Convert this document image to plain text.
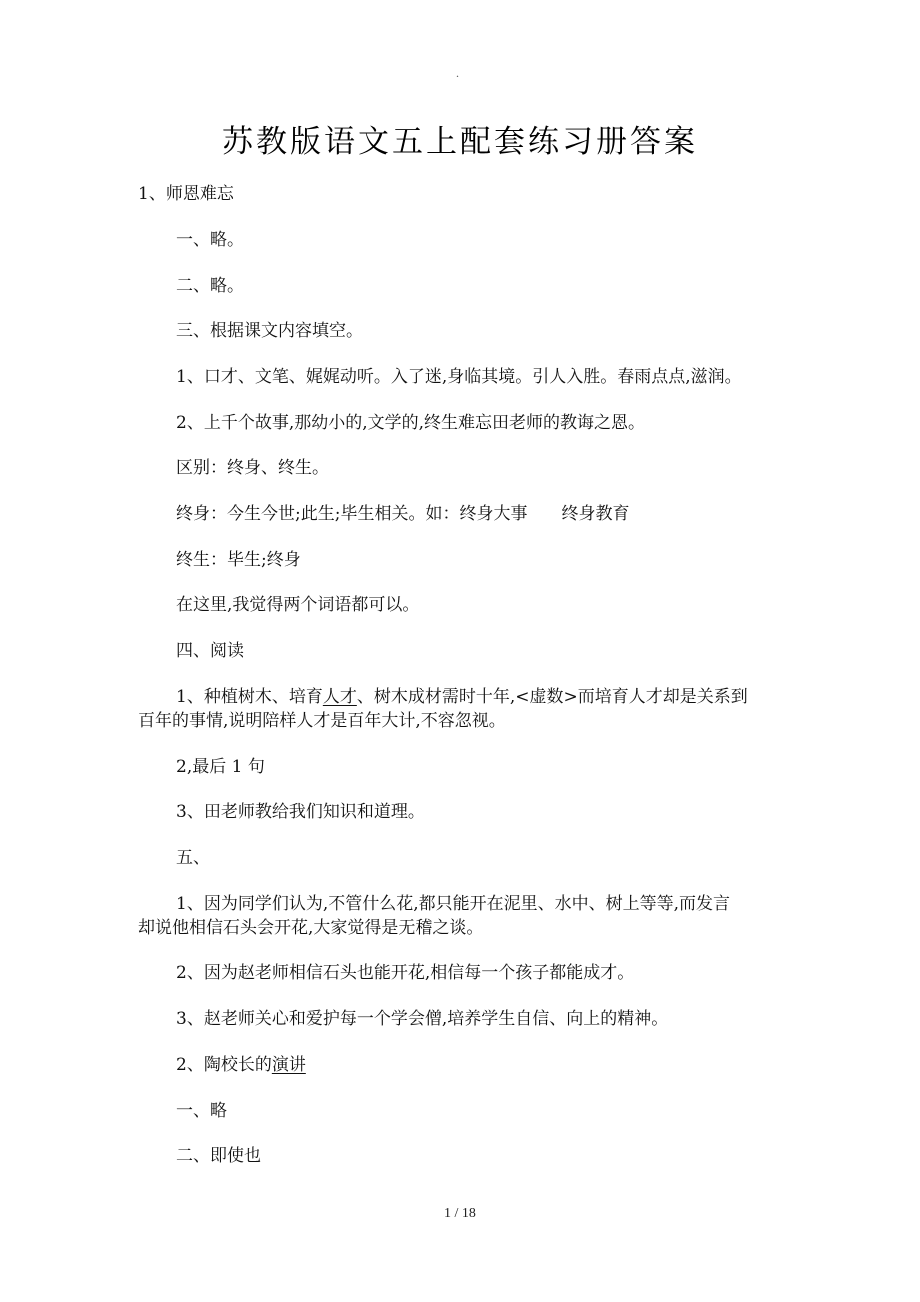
.
苏教版语文五上配套练习册答案
1、师恩难忘
一、略。
二、略。
三、根据课文内容填空。
1、口才、文笔、娓娓动听。入了迷,身临其境。引人入胜。春雨点点,滋润。
2、上千个故事,那幼小的,文学的,终生难忘田老师的教诲之恩。
区别：终身、终生。
终身：今生今世;此生;毕生相关。如：终身大事 终身教育
终生：毕生;终身
在这里,我觉得两个词语都可以。
四、阅读
1、种植树木、培育人才、树木成材需时十年,<虚数>而培育人才却是关系到
百年的事情,说明陪样人才是百年大计,不容忽视。
2,最后 1 句
3、田老师教给我们知识和道理。
五、
1、因为同学们认为,不管什么花,都只能开在泥里、水中、树上等等,而发言
却说他相信石头会开花,大家觉得是无稽之谈。
2、因为赵老师相信石头也能开花,相信每一个孩子都能成才。
3、赵老师关心和爱护每一个学会僧,培养学生自信、向上的精神。
2、陶校长的演讲
一、略
二、即使也
1 / 18
